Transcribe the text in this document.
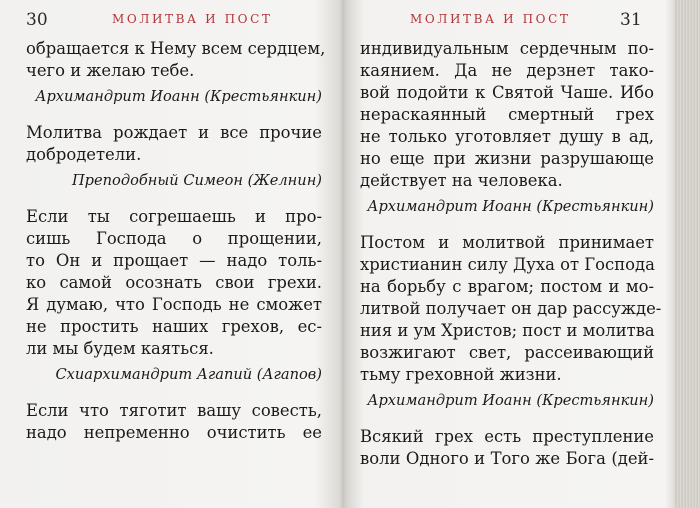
30	МОЛИТВА И ПОСТ
обращается к Нему всем сердцем,
чего и желаю тебе.
Архимандрит Иоанн (Крестьянкин)
Молитва рождает и все прочие
добродетели.
Преподобный Симеон (Желнин)
Если ты согрешаешь и про-
сишь Господа о прощении,
то Он и прощает — надо толь-
ко самой осознать свои грехи.
Я думаю, что Господь не сможет
не простить наших грехов, ес-
ли мы будем каяться.
Схиархимандрит Агапий (Агапов)
Если что тяготит вашу совесть,
надо непременно очистить ее
МОЛИТВА И ПОСТ	31
индивидуальным сердечным по-
каянием. Да не дерзнет тако-
вой подойти к Святой Чаше. Ибо
нераскаянный смертный грех
не только уготовляет душу в ад,
но еще при жизни разрушающе
действует на человека.
Архимандрит Иоанн (Крестьянкин)
Постом и молитвой принимает
христианин силу Духа от Господа
на борьбу с врагом; постом и мо-
литвой получает он дар рассужде-
ния и ум Христов; пост и молитва
возжигают свет, рассеивающий
тьму греховной жизни.
Архимандрит Иоанн (Крестьянкин)
Всякий грех есть преступление
воли Одного и Того же Бога (дей-
